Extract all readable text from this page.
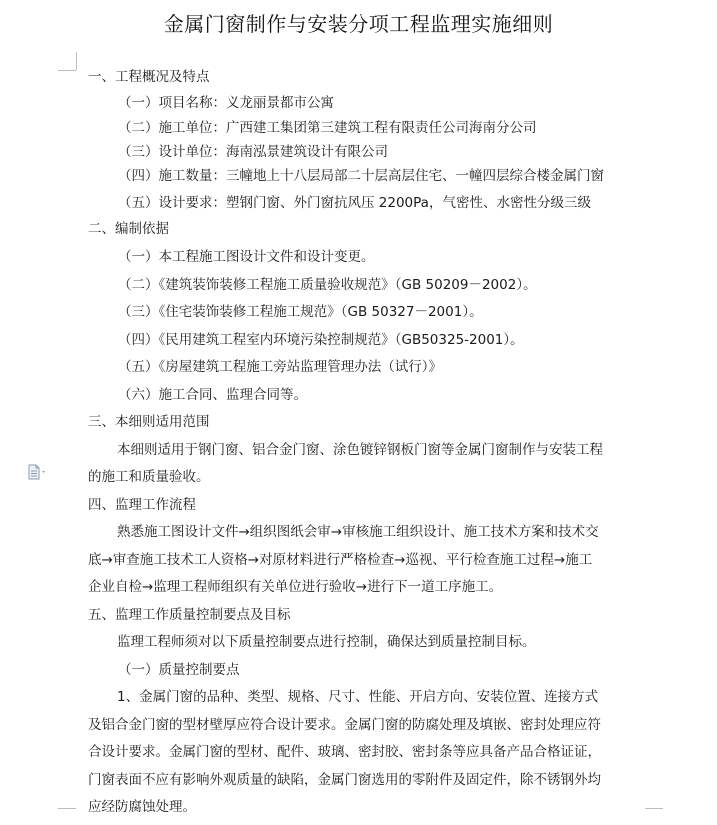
金属门窗制作与安装分项工程监理实施细则
一、工程概况及特点
（一）项目名称：义龙丽景都市公寓
（二）施工单位：广西建工集团第三建筑工程有限责任公司海南分公司
（三）设计单位：海南泓景建筑设计有限公司
（四）施工数量：三幢地上十八层局部二十层高层住宅、一幢四层综合楼金属门窗
（五）设计要求：塑钢门窗、外门窗抗风压 2200Pa，气密性、水密性分级三级
二、编制依据
（一）本工程施工图设计文件和设计变更。
（二）《建筑装饰装修工程施工质量验收规范》（GB 50209－2002）。
（三）《住宅装饰装修工程施工规范》（GB 50327－2001）。
（四）《民用建筑工程室内环境污染控制规范》（GB50325-2001）。
（五）《房屋建筑工程施工旁站监理管理办法（试行）》
（六）施工合同、监理合同等。
三、本细则适用范围
本细则适用于钢门窗、铝合金门窗、涂色镀锌钢板门窗等金属门窗制作与安装工程
的施工和质量验收。
四、监理工作流程
熟悉施工图设计文件→组织图纸会审→审核施工组织设计、施工技术方案和技术交
底→审查施工技术工人资格→对原材料进行严格检查→巡视、平行检查施工过程→施工
企业自检→监理工程师组织有关单位进行验收→进行下一道工序施工。
五、监理工作质量控制要点及目标
监理工程师须对以下质量控制要点进行控制，确保达到质量控制目标。
（一）质量控制要点
1、金属门窗的品种、类型、规格、尺寸、性能、开启方向、安装位置、连接方式
及铝合金门窗的型材壁厚应符合设计要求。金属门窗的防腐处理及填嵌、密封处理应符
合设计要求。金属门窗的型材、配件、玻璃、密封胶、密封条等应具备产品合格证证，
门窗表面不应有影响外观质量的缺陷，金属门窗选用的零附件及固定件，除不锈钢外均
应经防腐蚀处理。
